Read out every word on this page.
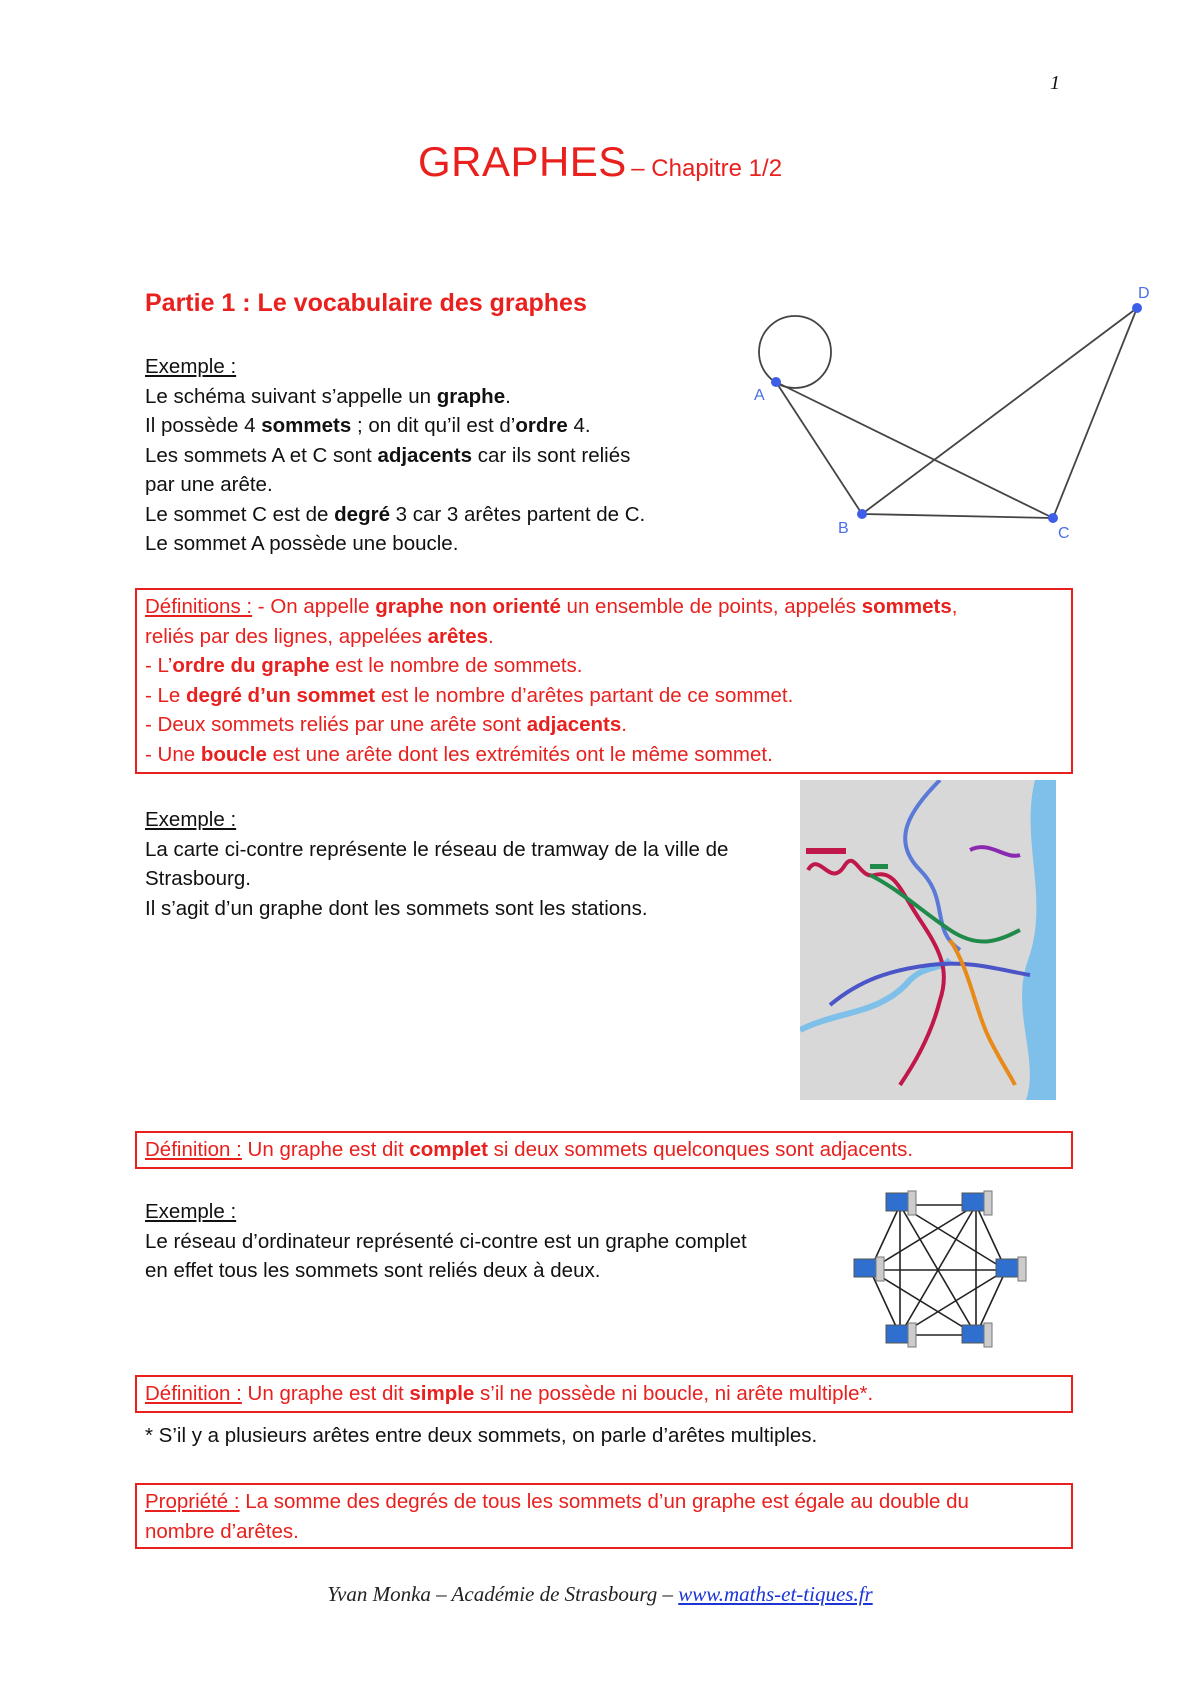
1
GRAPHES – Chapitre 1/2
Partie 1 : Le vocabulaire des graphes
Exemple :
Le schéma suivant s’appelle un graphe.
Il possède 4 sommets ; on dit qu’il est d’ordre 4.
Les sommets A et C sont adjacents car ils sont reliés
par une arête.
Le sommet C est de degré 3 car 3 arêtes partent de C.
Le sommet A possède une boucle.
A
B	C
D
Définitions : - On appelle graphe non orienté un ensemble de points, appelés sommets,
reliés par des lignes, appelées arêtes.
- L’ordre du graphe est le nombre de sommets.
- Le degré d’un sommet est le nombre d’arêtes partant de ce sommet.
- Deux sommets reliés par une arête sont adjacents.
- Une boucle est une arête dont les extrémités ont le même sommet.
Exemple :
La carte ci-contre représente le réseau de tramway de la ville de
Strasbourg.
Il s’agit d’un graphe dont les sommets sont les stations.
Définition : Un graphe est dit complet si deux sommets quelconques sont adjacents.
Exemple :
Le réseau d’ordinateur représenté ci-contre est un graphe complet
en effet tous les sommets sont reliés deux à deux.
Définition : Un graphe est dit simple s’il ne possède ni boucle, ni arête multiple*.
* S’il y a plusieurs arêtes entre deux sommets, on parle d’arêtes multiples.
Propriété : La somme des degrés de tous les sommets d’un graphe est égale au double du
nombre d’arêtes.
Yvan Monka – Académie de Strasbourg – www.maths-et-tiques.fr
